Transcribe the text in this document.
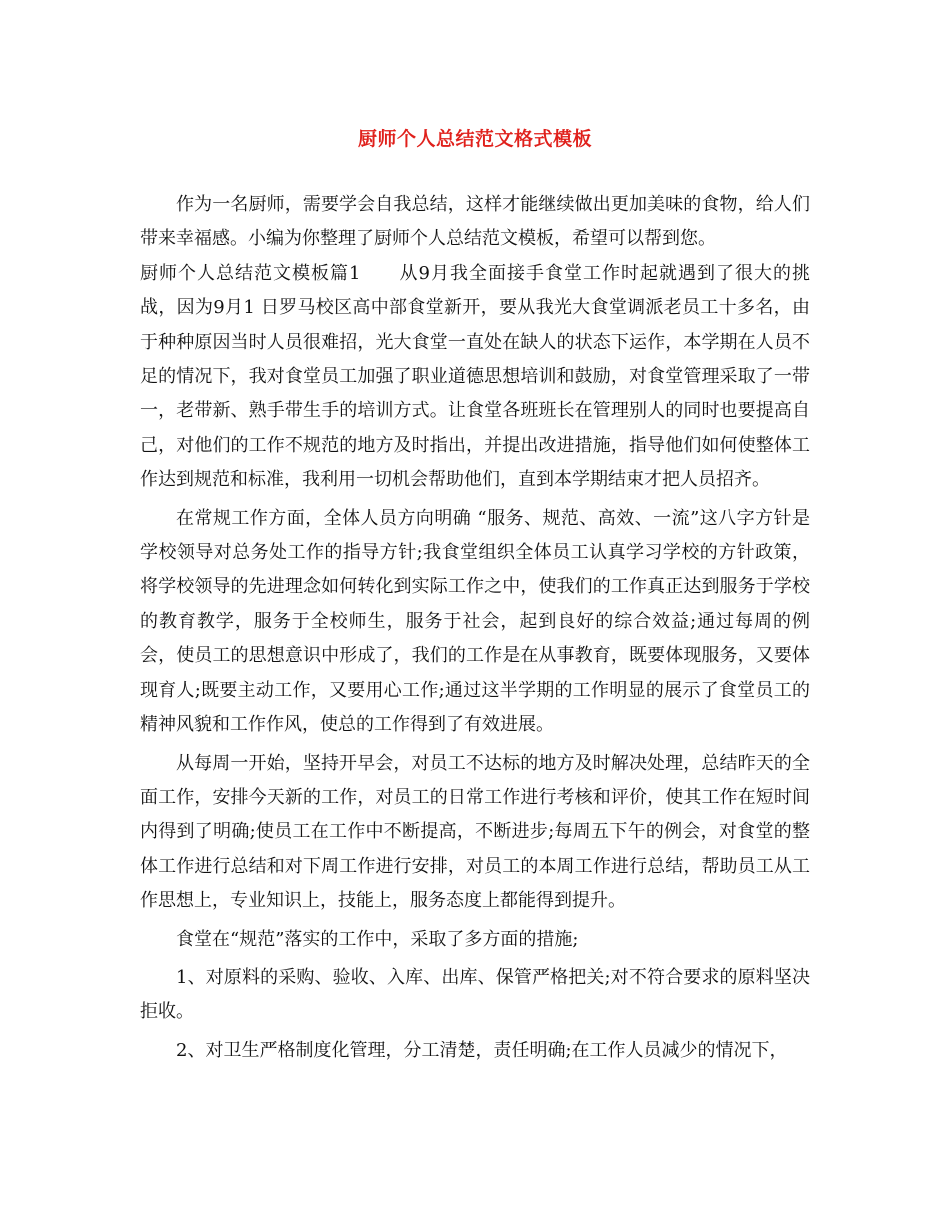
厨师个人总结范文格式模板

作为一名厨师，需要学会自我总结，这样才能继续做出更加美味的食物，给人们带来幸福感。小编为你整理了厨师个人总结范文模板，希望可以帮到您。

厨师个人总结范文模板篇1　　从9月我全面接手食堂工作时起就遇到了很大的挑战，因为9月1 日罗马校区高中部食堂新开，要从我光大食堂调派老员工十多名，由于种种原因当时人员很难招，光大食堂一直处在缺人的状态下运作，本学期在人员不足的情况下，我对食堂员工加强了职业道德思想培训和鼓励，对食堂管理采取了一带一，老带新、熟手带生手的培训方式。让食堂各班班长在管理别人的同时也要提高自己，对他们的工作不规范的地方及时指出，并提出改进措施，指导他们如何使整体工作达到规范和标准，我利用一切机会帮助他们，直到本学期结束才把人员招齐。

在常规工作方面，全体人员方向明确 “服务、规范、高效、一流”这八字方针是学校领导对总务处工作的指导方针;我食堂组织全体员工认真学习学校的方针政策，将学校领导的先进理念如何转化到实际工作之中，使我们的工作真正达到服务于学校的教育教学，服务于全校师生，服务于社会，起到良好的综合效益;通过每周的例会，使员工的思想意识中形成了，我们的工作是在从事教育，既要体现服务，又要体现育人;既要主动工作，又要用心工作;通过这半学期的工作明显的展示了食堂员工的精神风貌和工作作风，使总的工作得到了有效进展。

从每周一开始，坚持开早会，对员工不达标的地方及时解决处理，总结昨天的全面工作，安排今天新的工作，对员工的日常工作进行考核和评价，使其工作在短时间内得到了明确;使员工在工作中不断提高，不断进步;每周五下午的例会，对食堂的整体工作进行总结和对下周工作进行安排，对员工的本周工作进行总结，帮助员工从工作思想上，专业知识上，技能上，服务态度上都能得到提升。

食堂在“规范”落实的工作中，采取了多方面的措施;

1、对原料的采购、验收、入库、出库、保管严格把关;对不符合要求的原料坚决拒收。

2、对卫生严格制度化管理，分工清楚，责任明确;在工作人员减少的情况下，
